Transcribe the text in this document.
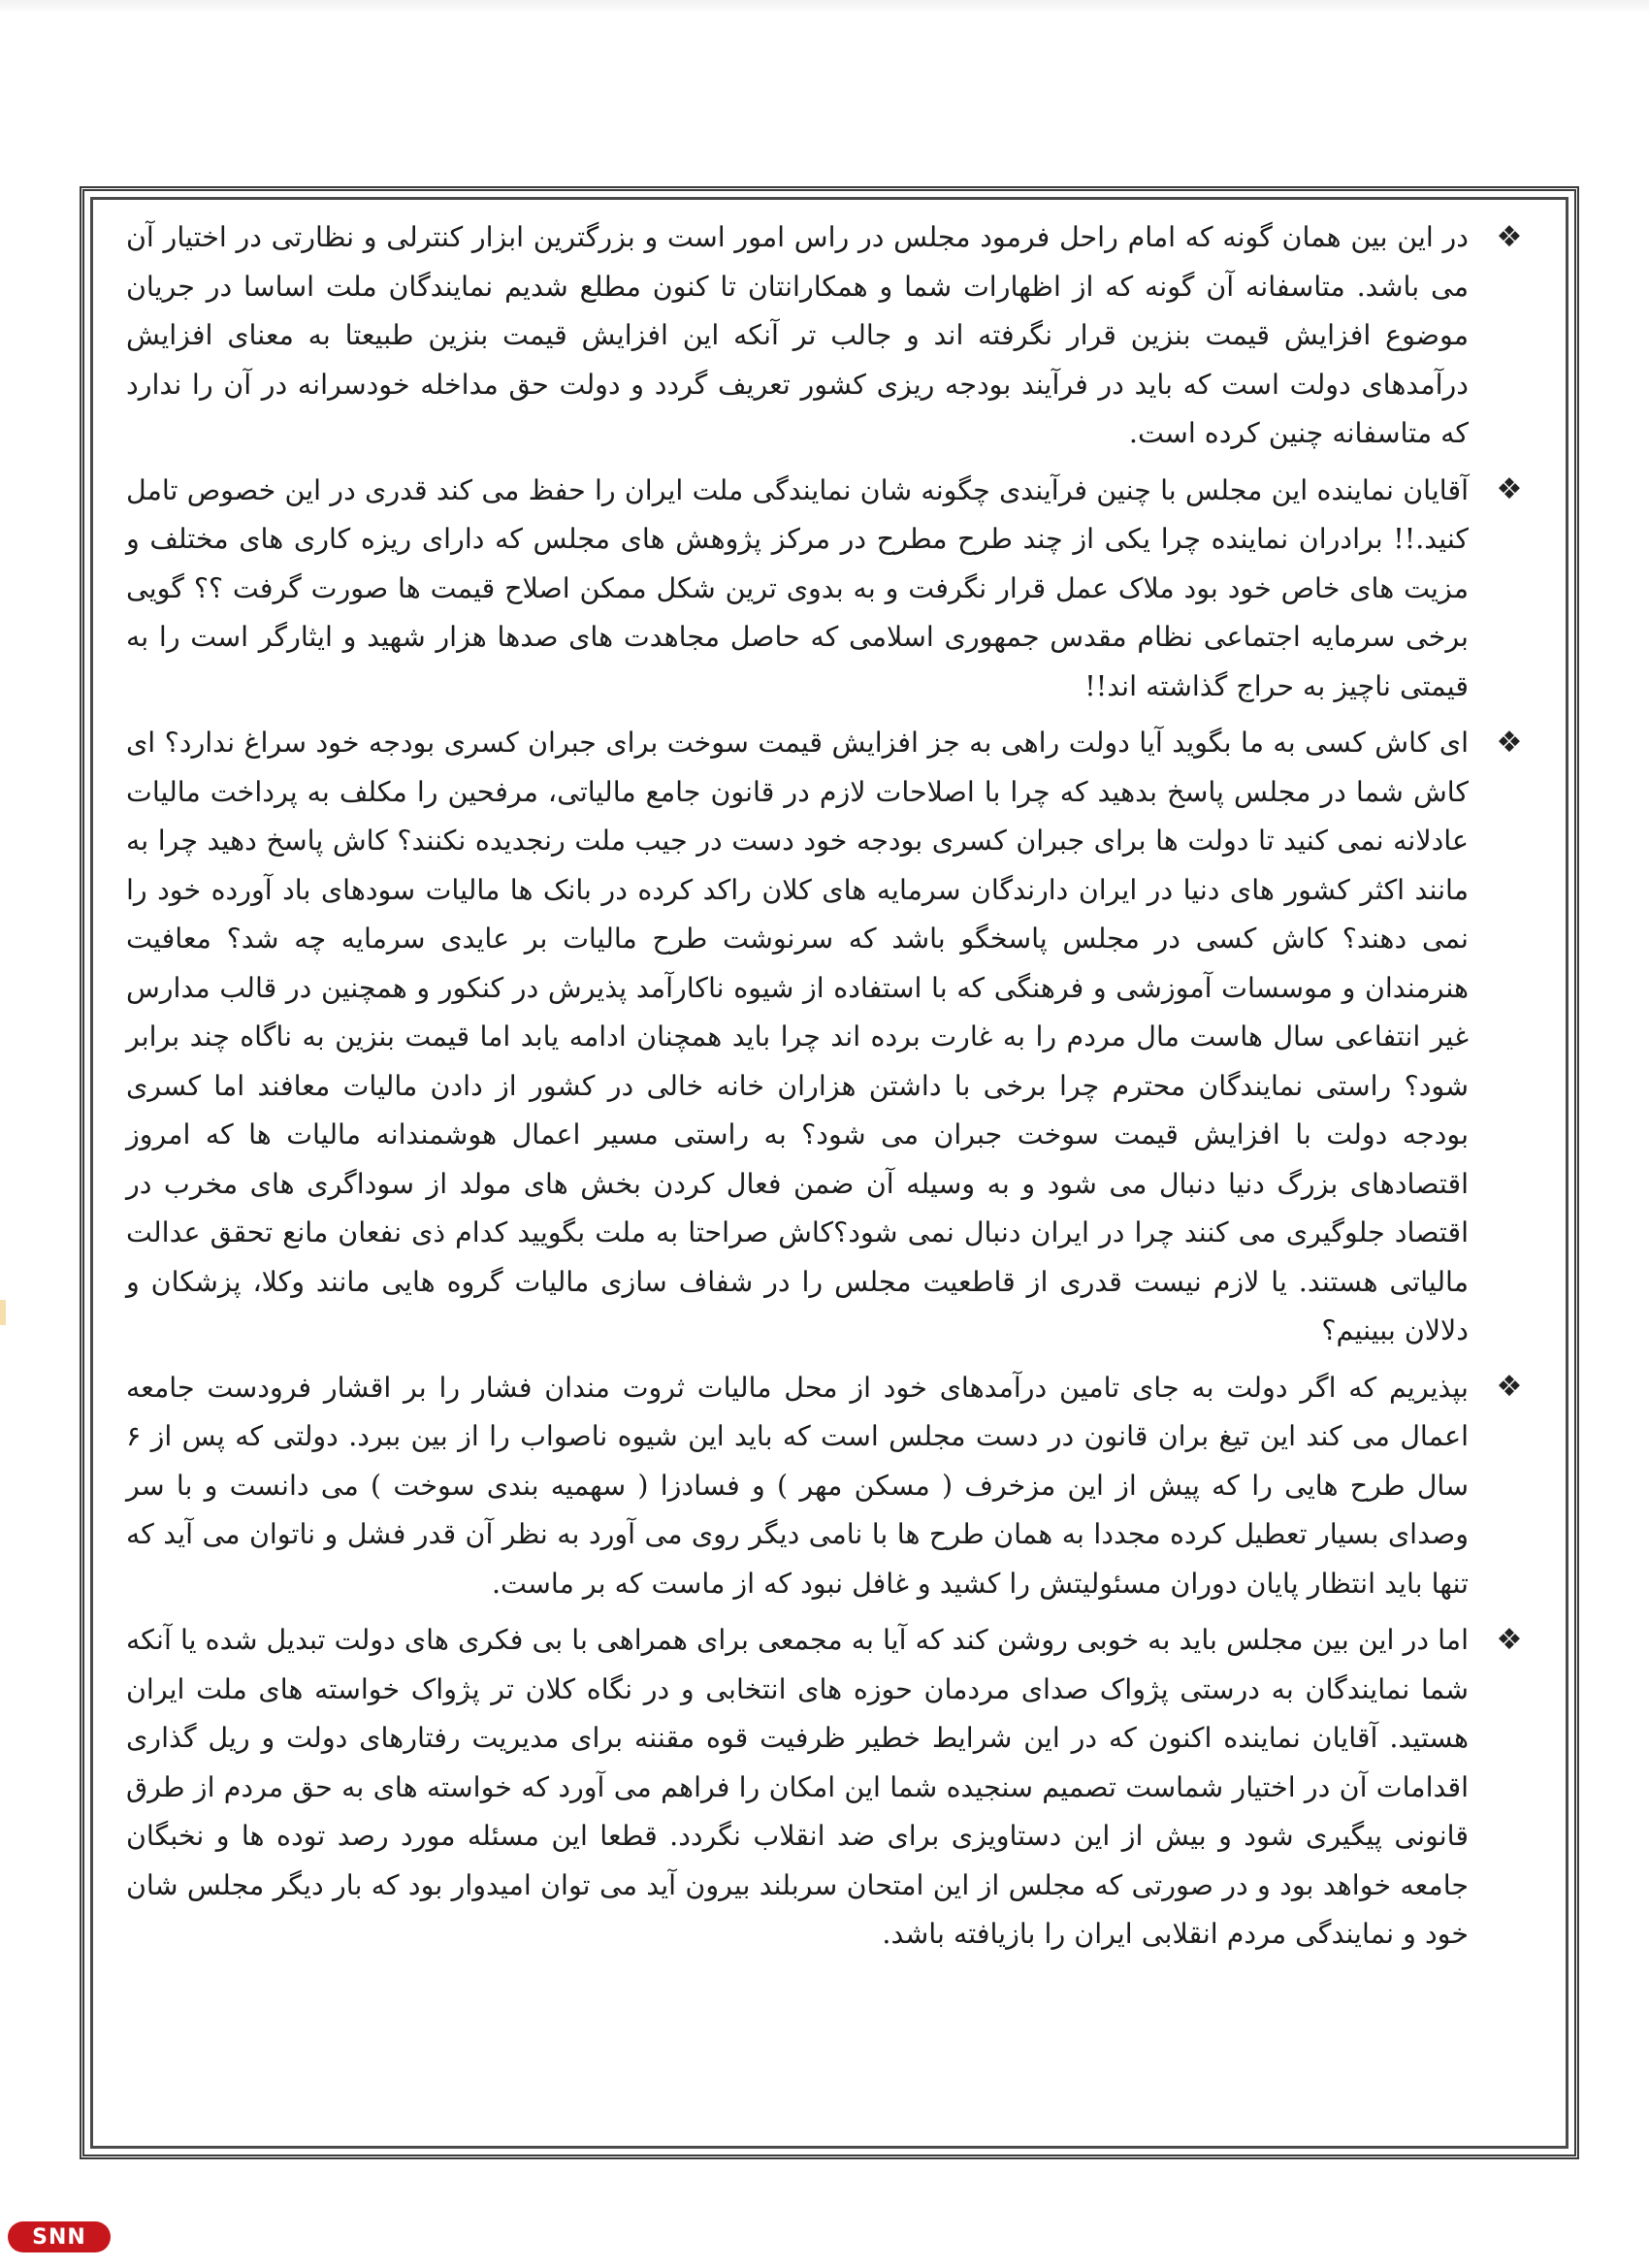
❖
در این بین همان گونه که امام راحل فرمود مجلس در راس امور است و بزرگترین ابزار کنترلی و نظارتی در اختیار آن می باشد. متاسفانه آن گونه که از اظهارات شما و همکارانتان تا کنون مطلع شدیم نمایندگان ملت اساسا در جریان موضوع افزایش قیمت بنزین قرار نگرفته اند و جالب تر آنکه این افزایش قیمت بنزین طبیعتا به معنای افزایش درآمدهای دولت است که باید در فرآیند بودجه ریزی کشور تعریف گردد و دولت حق مداخله خودسرانه در آن را ندارد که متاسفانه چنین کرده است.

❖
آقایان نماینده این مجلس با چنین فرآیندی چگونه شان نمایندگی ملت ایران را حفظ می کند قدری در این خصوص تامل کنید.!! برادران نماینده چرا یکی از چند طرح مطرح در مرکز پژوهش های مجلس که دارای ریزه کاری های مختلف و مزیت های خاص خود بود ملاک عمل قرار نگرفت و به بدوی ترین شکل ممکن اصلاح قیمت ها صورت گرفت ؟؟ گویی برخی سرمایه اجتماعی نظام مقدس جمهوری اسلامی که حاصل مجاهدت های صدها هزار شهید و ایثارگر است را به قیمتی ناچیز به حراج گذاشته اند!!

❖
ای کاش کسی به ما بگوید آیا دولت راهی به جز افزایش قیمت سوخت برای جبران کسری بودجه خود سراغ ندارد؟ ای کاش شما در مجلس پاسخ بدهید که چرا با اصلاحات لازم در قانون جامع مالیاتی، مرفحین را مکلف به پرداخت مالیات عادلانه نمی کنید تا دولت ها برای جبران کسری بودجه خود دست در جیب ملت رنجدیده نکنند؟ کاش پاسخ دهید چرا به مانند اکثر کشور های دنیا در ایران دارندگان سرمایه های کلان راکد کرده در بانک ها مالیات سودهای باد آورده خود را نمی دهند؟ کاش کسی در مجلس پاسخگو باشد که سرنوشت طرح مالیات بر عایدی سرمایه چه شد؟ معافیت هنرمندان و موسسات آموزشی و فرهنگی که با استفاده از شیوه ناکارآمد پذیرش در کنکور و همچنین در قالب مدارس غیر انتفاعی سال هاست مال مردم را به غارت برده اند چرا باید همچنان ادامه یابد اما قیمت بنزین به ناگاه چند برابر شود؟ راستی نمایندگان محترم چرا برخی با داشتن هزاران خانه خالی در کشور از دادن مالیات معافند اما کسری بودجه دولت با افزایش قیمت سوخت جبران می شود؟ به راستی مسیر اعمال هوشمندانه مالیات ها که امروز اقتصادهای بزرگ دنیا دنبال می شود و به وسیله آن ضمن فعال کردن بخش های مولد از سوداگری های مخرب در اقتصاد جلوگیری می کنند چرا در ایران دنبال نمی شود؟کاش صراحتا به ملت بگویید کدام ذی نفعان مانع تحقق عدالت مالیاتی هستند. یا لازم نیست قدری از قاطعیت مجلس را در شفاف سازی مالیات گروه هایی مانند وکلا، پزشکان و دلالان ببینیم؟

❖
بپذیریم که اگر دولت به جای تامین درآمدهای خود از محل مالیات ثروت مندان فشار را بر اقشار فرودست جامعه اعمال می کند این تیغ بران قانون در دست مجلس است که باید این شیوه ناصواب را از بین ببرد. دولتی که پس از ۶ سال طرح هایی را که پیش از این مزخرف ( مسکن مهر ) و فسادزا ( سهمیه بندی سوخت ) می دانست و با سر وصدای بسیار تعطیل کرده مجددا به همان طرح ها با نامی دیگر روی می آورد به نظر آن قدر فشل و ناتوان می آید که تنها باید انتظار پایان دوران مسئولیتش را کشید و غافل نبود که از ماست که بر ماست.

❖
اما در این بین مجلس باید به خوبی روشن کند که آیا به مجمعی برای همراهی با بی فکری های دولت تبدیل شده یا آنکه شما نمایندگان به درستی پژواک صدای مردمان حوزه های انتخابی و در نگاه کلان تر پژواک خواسته های ملت ایران هستید. آقایان نماینده اکنون که در این شرایط خطیر ظرفیت قوه مقننه برای مدیریت رفتارهای دولت و ریل گذاری اقدامات آن در اختیار شماست تصمیم سنجیده شما این امکان را فراهم می آورد که خواسته های به حق مردم از طرق قانونی پیگیری شود و بیش از این دستاویزی برای ضد انقلاب نگردد. قطعا این مسئله مورد رصد توده ها و نخبگان جامعه خواهد بود و در صورتی که مجلس از این امتحان سربلند بیرون آید می توان امیدوار بود که بار دیگر مجلس شان خود و نمایندگی مردم انقلابی ایران را بازیافته باشد.

SNN
